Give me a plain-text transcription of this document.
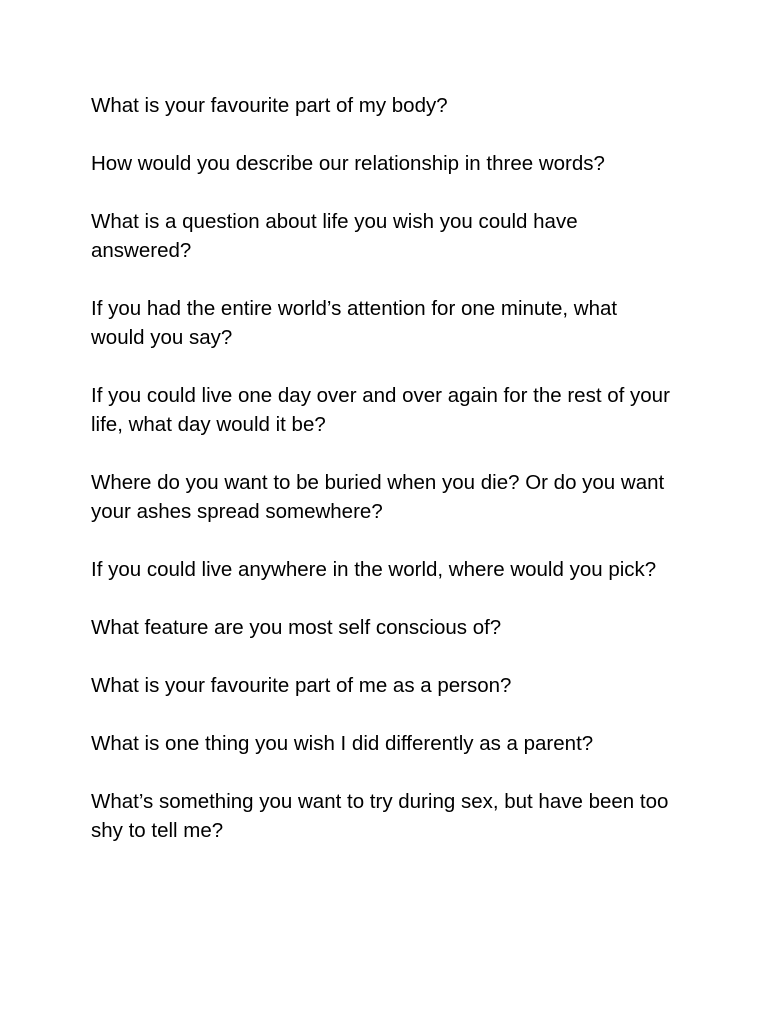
What is your favourite part of my body?

How would you describe our relationship in three words?

What is a question about life you wish you could have answered?

If you had the entire world’s attention for one minute, what would you say?

If you could live one day over and over again for the rest of your life, what day would it be?

Where do you want to be buried when you die? Or do you want your ashes spread somewhere?

If you could live anywhere in the world, where would you pick?

What feature are you most self conscious of?

What is your favourite part of me as a person?

What is one thing you wish I did differently as a parent?

What’s something you want to try during sex, but have been too shy to tell me?
